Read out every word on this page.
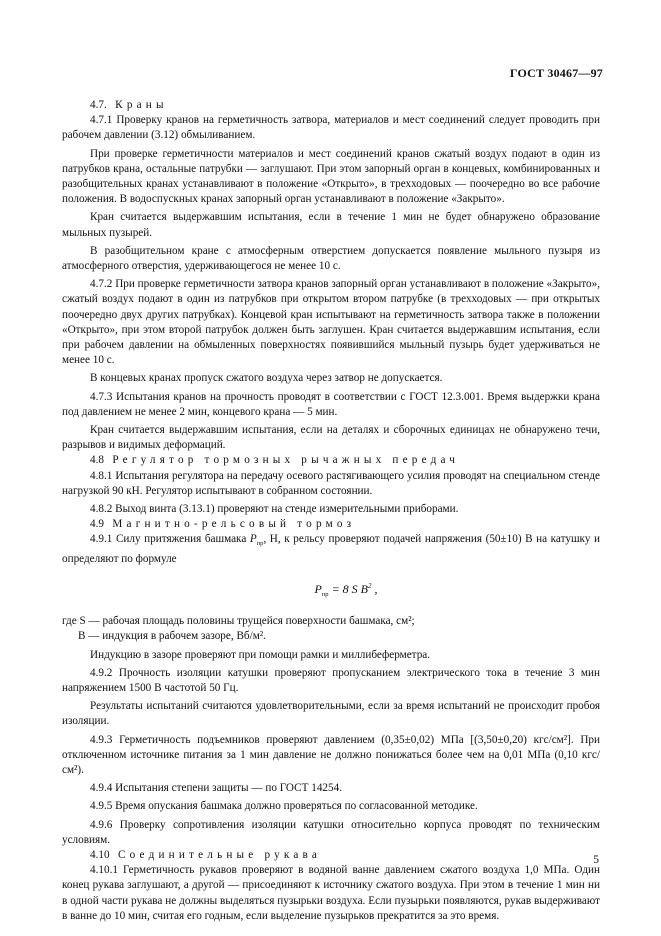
ГОСТ 30467—97

4.7. Краны

4.7.1 Проверку кранов на герметичность затвора, материалов и мест соединений следует проводить при рабочем давлении (3.12) обмыливанием.

При проверке герметичности материалов и мест соединений кранов сжатый воздух подают в один из патрубков крана, остальные патрубки — заглушают. При этом запорный орган в концевых, комбинированных и разобщительных кранах устанавливают в положение «Открыто», в трехходовых — поочередно во все рабочие положения. В водоспускных кранах запорный орган устанавливают в положение «Закрыто».

Кран считается выдержавшим испытания, если в течение 1 мин не будет обнаружено образование мыльных пузырей.

В разобщительном кране с атмосферным отверстием допускается появление мыльного пузыря из атмосферного отверстия, удерживающегося не менее 10 с.

4.7.2 При проверке герметичности затвора кранов запорный орган устанавливают в положение «Закрыто», сжатый воздух подают в один из патрубков при открытом втором патрубке (в трехходовых — при открытых поочередно двух других патрубках). Концевой кран испытывают на герметичность затвора также в положении «Открыто», при этом второй патрубок должен быть заглушен. Кран считается выдержавшим испытания, если при рабочем давлении на обмыленных поверхностях появившийся мыльный пузырь будет удерживаться не менее 10 с.

В концевых кранах пропуск сжатого воздуха через затвор не допускается.

4.7.3 Испытания кранов на прочность проводят в соответствии с ГОСТ 12.3.001. Время выдержки крана под давлением не менее 2 мин, концевого крана — 5 мин.

Кран считается выдержавшим испытания, если на деталях и сборочных единицах не обнаружено течи, разрывов и видимых деформаций.

4.8 Регулятор тормозных рычажных передач

4.8.1 Испытания регулятора на передачу осевого растягивающего усилия проводят на специальном стенде нагрузкой 90 кН. Регулятор испытывают в собранном состоянии.

4.8.2 Выход винта (3.13.1) проверяют на стенде измерительными приборами.

4.9 Магнитно-рельсовый тормоз

4.9.1 Силу притяжения башмака $P_{пр}$, Н, к рельсу проверяют подачей напряжения (50±10) В на катушку и определяют по формуле

$P_{пр} = 8$ S $B^2$ ,

где S — рабочая площадь половины трущейся поверхности башмака, см²;

B — индукция в рабочем зазоре, Вб/м².

Индукцию в зазоре проверяют при помощи рамки и миллибеферметра.

4.9.2 Прочность изоляции катушки проверяют пропусканием электрического тока в течение 3 мин напряжением 1500 В частотой 50 Гц.

Результаты испытаний считаются удовлетворительными, если за время испытаний не происходит пробоя изоляции.

4.9.3 Герметичность подъемников проверяют давлением (0,35±0,02) МПа [(3,50±0,20) кгс/см²]. При отключенном источнике питания за 1 мин давление не должно понижаться более чем на 0,01 МПа (0,10 кгс/см²).

4.9.4 Испытания степени защиты — по ГОСТ 14254.

4.9.5 Время опускания башмака должно проверяться по согласованной методике.

4.9.6 Проверку сопротивления изоляции катушки относительно корпуса проводят по техническим условиям.

4.10 Соединительные рукава

4.10.1 Герметичность рукавов проверяют в водяной ванне давлением сжатого воздуха 1,0 МПа. Один конец рукава заглушают, а другой — присоединяют к источнику сжатого воздуха. При этом в течение 1 мин ни в одной части рукава не должны выделяться пузырьки воздуха. Если пузырьки появляются, рукав выдерживают в ванне до 10 мин, считая его годным, если выделение пузырьков прекратится за это время.

5
